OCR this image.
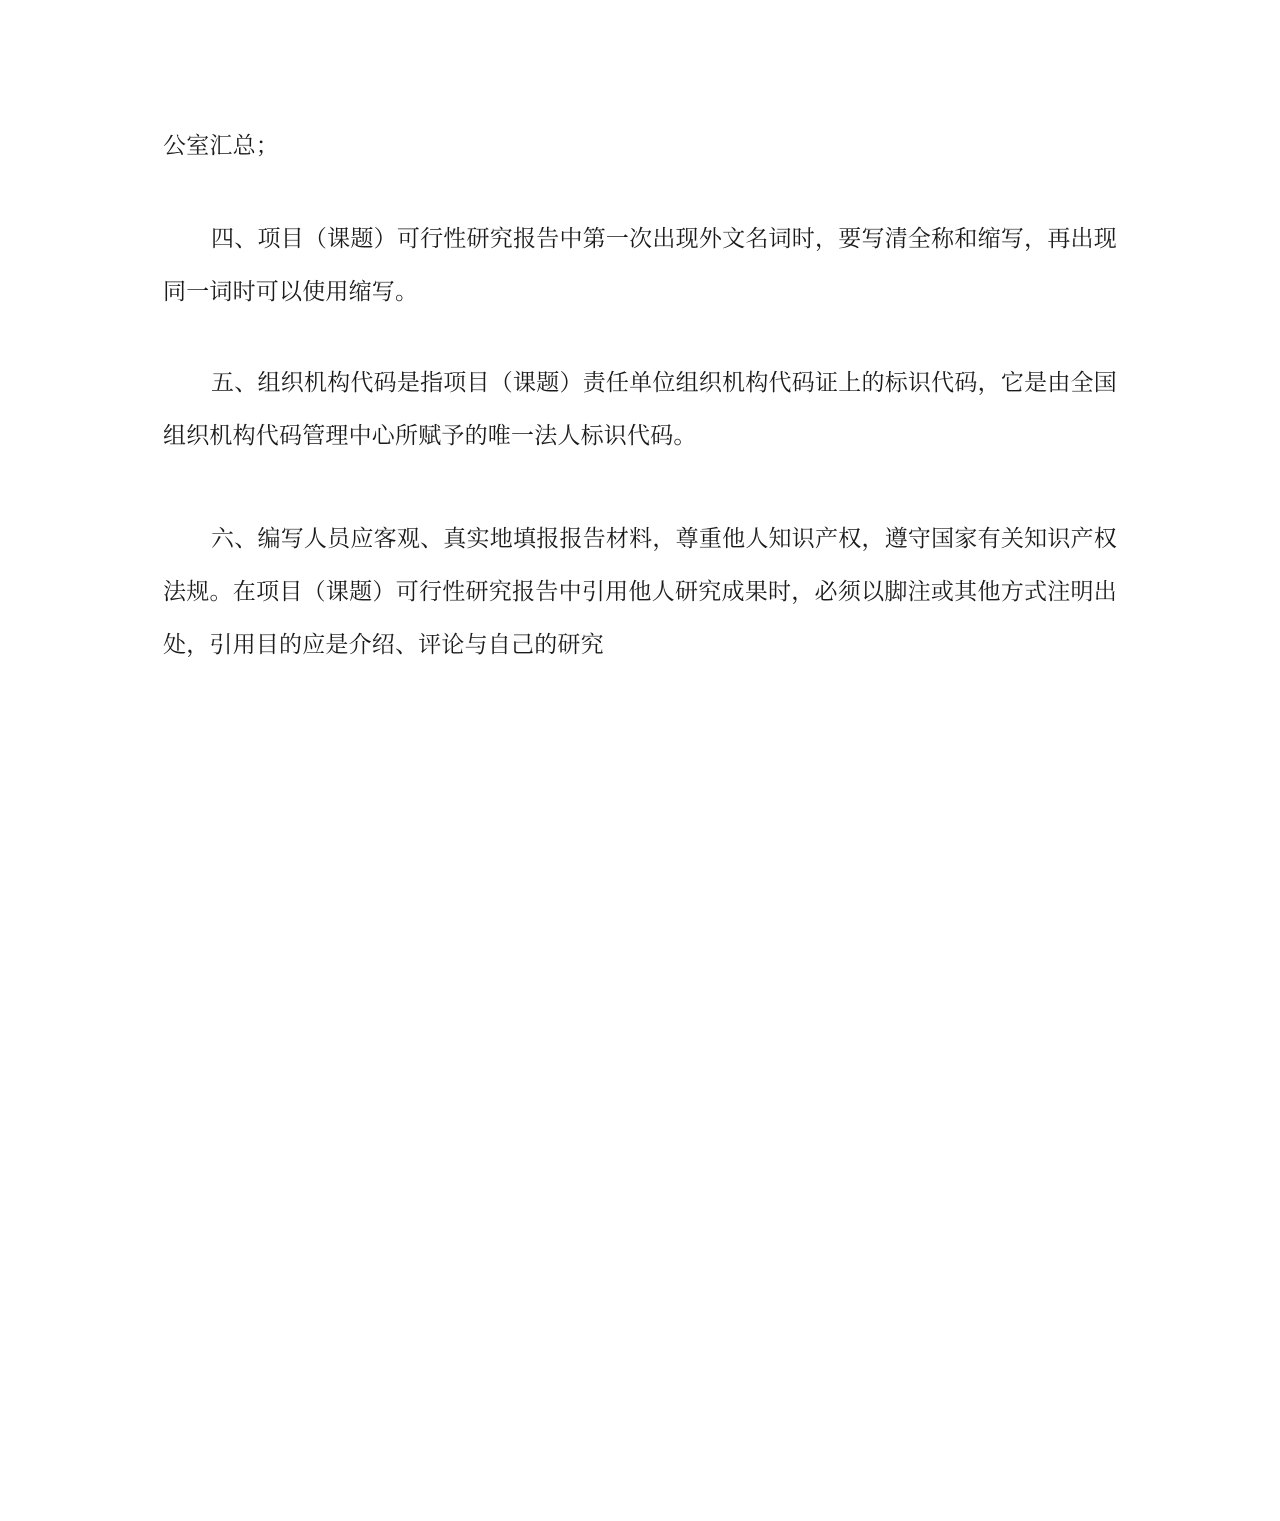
公室汇总；

四、项目（课题）可行性研究报告中第一次出现外文名词时，要写清全称和缩写，再出现同一词时可以使用缩写。

五、组织机构代码是指项目（课题）责任单位组织机构代码证上的标识代码，它是由全国组织机构代码管理中心所赋予的唯一法人标识代码。

六、编写人员应客观、真实地填报报告材料，尊重他人知识产权，遵守国家有关知识产权法规。在项目（课题）可行性研究报告中引用他人研究成果时，必须以脚注或其他方式注明出处，引用目的应是介绍、评论与自己的研究
